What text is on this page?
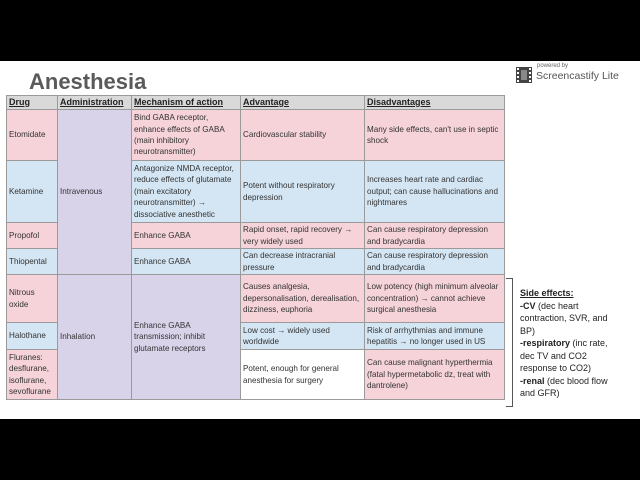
Anesthesia
powered by
Screencastify Lite
Drug	Administration	Mechanism of action	Advantage	Disadvantages
Etomidate	Intravenous	Bind GABA receptor, enhance effects of GABA (main inhibitory neurotransmitter)	Cardiovascular stability	Many side effects, can't use in septic shock
Ketamine		Antagonize NMDA receptor, reduce effects of glutamate (main excitatory neurotransmitter) → dissociative anesthetic	Potent without respiratory depression	Increases heart rate and cardiac output; can cause hallucinations and nightmares
Propofol		Enhance GABA	Rapid onset, rapid recovery → very widely used	Can cause respiratory depression and bradycardia
Thiopental		Enhance GABA	Can decrease intracranial pressure	Can cause respiratory depression and bradycardia
Nitrous oxide	Inhalation	Enhance GABA transmission; inhibit glutamate receptors	Causes analgesia, depersonalisation, derealisation, dizziness, euphoria	Low potency (high minimum alveolar concentration) → cannot achieve surgical anesthesia
Halothane			Low cost → widely used worldwide	Risk of arrhythmias and immune hepatitis → no longer used in US
Fluranes: desflurane, isoflurane, sevoflurane			Potent, enough for general anesthesia for surgery	Can cause malignant hyperthermia (fatal hypermetabolic dz, treat with dantrolene)
Side effects:
-CV (dec heart contraction, SVR, and BP)
-respiratory (inc rate, dec TV and CO2 response to CO2)
-renal (dec blood flow and GFR)
